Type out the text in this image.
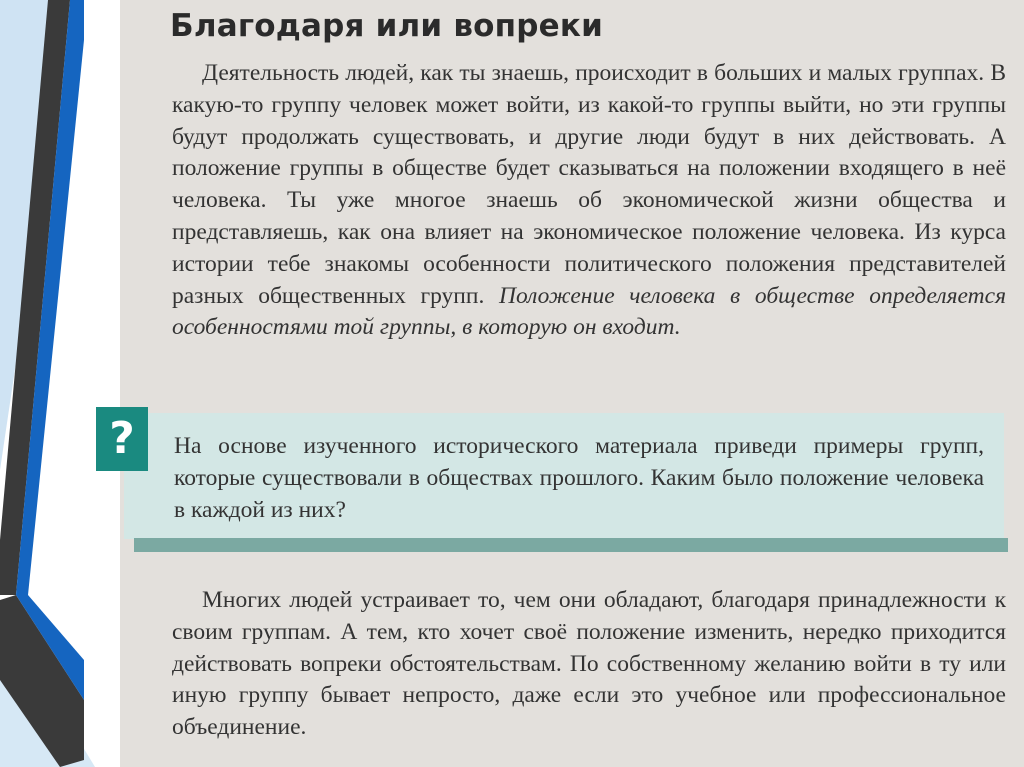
Благодаря или вопреки

Деятельность людей, как ты знаешь, происходит в больших и малых группах. В какую-то группу человек может войти, из какой-то группы выйти, но эти группы будут продолжать существовать, и другие люди будут в них действовать. А положение группы в обществе будет сказываться на положении входящего в неё человека. Ты уже многое знаешь об экономической жизни общества и представляешь, как она влияет на экономическое положение человека. Из курса истории тебе знакомы особенности политического положения представителей разных общественных групп. Положение человека в обществе определяется особенностями той группы, в которую он входит.

?	На основе изученного исторического материала приведи примеры групп, которые существовали в обществах прошлого. Каким было положение человека в каждой из них?

Многих людей устраивает то, чем они обладают, благодаря принадлежности к своим группам. А тем, кто хочет своё положение изменить, нередко приходится действовать вопреки обстоятельствам. По собственному желанию войти в ту или иную группу бывает непросто, даже если это учебное или профессиональное объединение.
